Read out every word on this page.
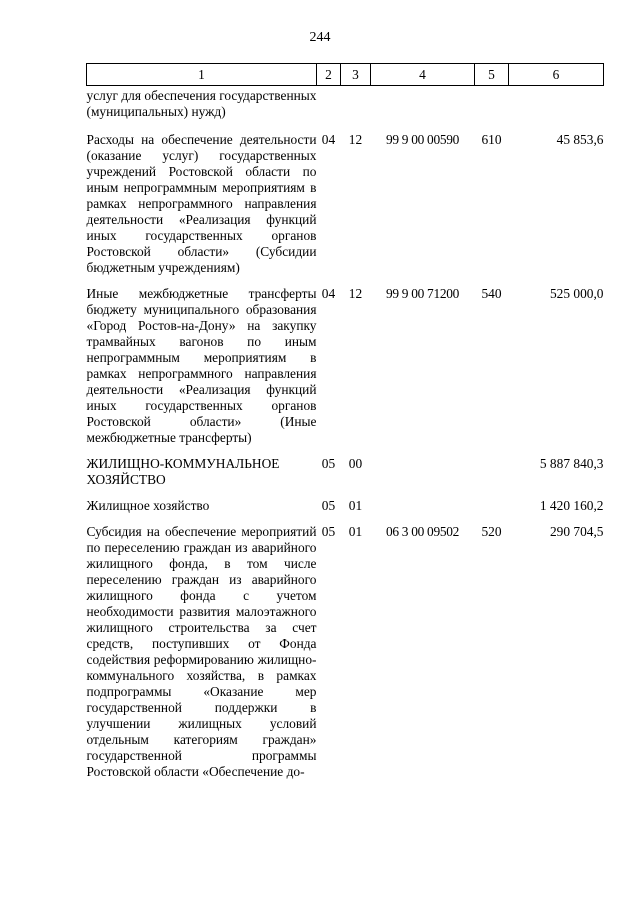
244
1	2	3	4	5	6
услуг для обеспечения государственных (муниципальных) нужд)					
Расходы на обеспечение деятельности (оказание услуг) государственных учреждений Ростовской области по иным непрограммным мероприятиям в рамках непрограммного направления деятельности «Реализация функций иных государственных органов Ростовской области» (Субсидии бюджетным учреждениям)	04	12	99 9 00 00590	610	45 853,6
Иные межбюджетные трансферты бюджету муниципального образования «Город Ростов-на-Дону» на закупку трамвайных вагонов по иным непрограммным мероприятиям в рамках непрограммного направления деятельности «Реализация функций иных государственных органов Ростовской области» (Иные межбюджетные трансферты)	04	12	99 9 00 71200	540	525 000,0
ЖИЛИЩНО-КОММУНАЛЬНОЕ ХОЗЯЙСТВО	05	00			5 887 840,3
Жилищное хозяйство	05	01			1 420 160,2
Субсидия на обеспечение мероприятий по переселению граждан из аварийного жилищного фонда, в том числе переселению граждан из аварийного жилищного фонда с учетом необходимости развития малоэтажного жилищного строительства за счет средств, поступивших от Фонда содействия реформированию жилищно-коммунального хозяйства, в рамках подпрограммы «Оказание мер государственной поддержки в улучшении жилищных условий отдельным категориям граждан» государственной программы Ростовской области «Обеспечение до-	05	01	06 3 00 09502	520	290 704,5
